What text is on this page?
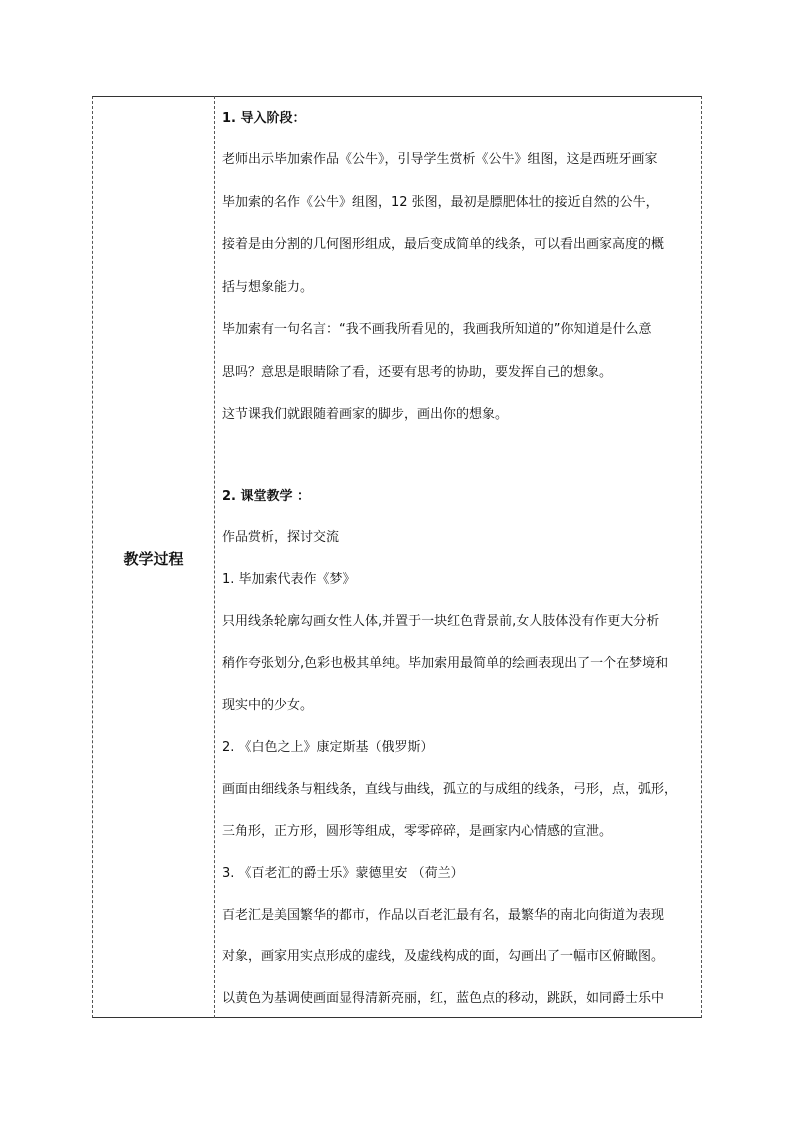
教学过程
1. 导入阶段：
老师出示毕加索作品《公牛》，引导学生赏析《公牛》组图，这是西班牙画家
毕加索的名作《公牛》组图，12 张图，最初是膘肥体壮的接近自然的公牛，
接着是由分割的几何图形组成，最后变成简单的线条，可以看出画家高度的概
括与想象能力。
毕加索有一句名言：“我不画我所看见的，我画我所知道的”你知道是什么意
思吗？意思是眼睛除了看，还要有思考的协助，要发挥自己的想象。
这节课我们就跟随着画家的脚步，画出你的想象。
2. 课堂教学 ：
作品赏析，探讨交流
1. 毕加索代表作《梦》
只用线条轮廓勾画女性人体,并置于一块红色背景前,女人肢体没有作更大分析
稍作夸张划分,色彩也极其单纯。毕加索用最简单的绘画表现出了一个在梦境和
现实中的少女。
2. 《白色之上》康定斯基（俄罗斯）
画面由细线条与粗线条，直线与曲线，孤立的与成组的线条，弓形，点，弧形，
三角形，正方形，圆形等组成，零零碎碎，是画家内心情感的宣泄。
3. 《百老汇的爵士乐》蒙德里安 （荷兰）
百老汇是美国繁华的都市，作品以百老汇最有名，最繁华的南北向街道为表现
对象，画家用实点形成的虚线，及虚线构成的面，勾画出了一幅市区俯瞰图。
以黄色为基调使画面显得清新亮丽，红，蓝色点的移动，跳跃，如同爵士乐中
